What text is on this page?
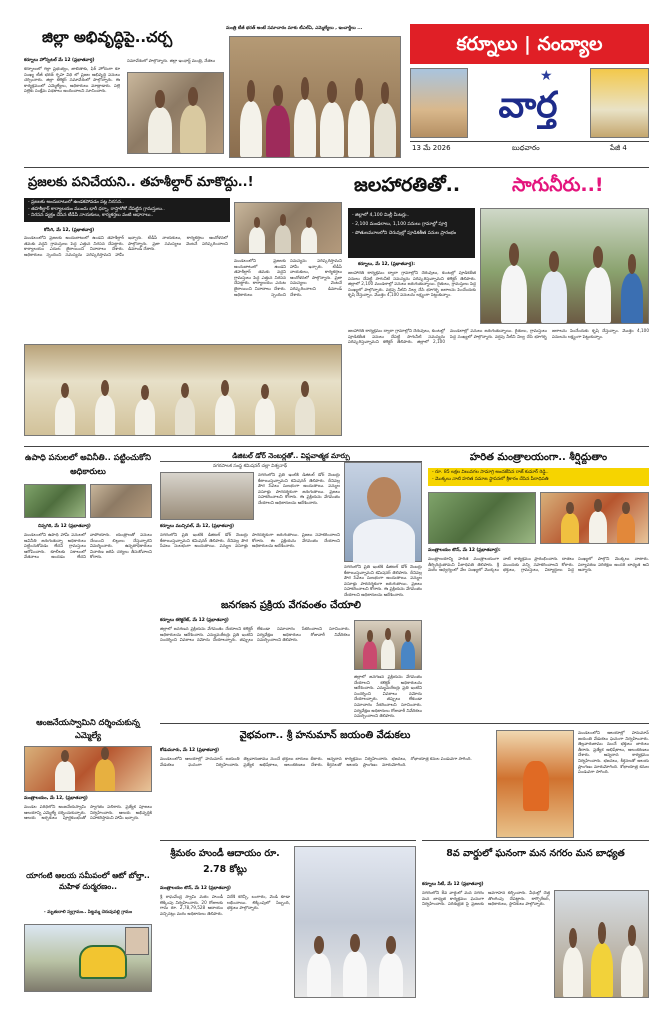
మంత్రి టీజీ భరత్ అంటే సమాచారం మాకు టీఎల్ఏ, ఎమ్మెల్యేలు , ఇంచార్జీలు ...
జిల్లా అభివృద్ధిపై..చర్చ
కర్నూలు హోస్పటల్ మే 12 (ప్రభాతవార్త)
కర్నూలులో గల్లా ప్రభుత్వం, జాబితాకు, ఫిర్ హోదంగా కూ సంఖ్య టీజీ భరత్ గృహ విధి లో ప్రజల అభివృద్ధి పనులు చర్చించారు. జిల్లా కలెక్టర్ సమావేశంలో పాల్గొన్నారు. ఈ కార్యక్రమంలో ఎమ్మెల్యేలు, అధికారులు మాట్లాడారు. పల్లె పల్లెకు సంక్షేమ పథకాలు అందించాలని సూచించారు.
సమావేశంలో పాల్గొన్నారు. జిల్లా ఇంఛార్జ్ మంత్రి, నేతలు
కర్నూలు | నంద్యాల
★
వార్త
13 మే 2026	బుధవారం	పేజీ 4
ప్రజలకు పనిచేయని.. తహశీల్దార్ మాకొద్దు..!
- ప్రజలకు అందుబాటులో ఉండకపోవడం పట్ల నిరసన..
- తహశీల్దార్ కార్యాలయం ముందు భారీ ధర్నా, రాస్తారోకో చేపట్టిన గ్రామస్తులు..
- నిరసన వ్యక్తం చేసిన టీడీపీ నాయకులు, కార్యకర్తలు వంటి ఆధారాలు..
కోసిగి, మే 12, (ప్రభాతవార్త)
మండలంలోని ప్రజలకు అందుబాటులో ఉండని తహశీల్దార్ తమకు వద్దని గ్రామస్తులు పెద్ద ఎత్తున నిరసన చేపట్టారు. కార్యాలయం ఎదుట బైఠాయించి నినాదాలు చేశారు. అధికారులు స్పందించి సమస్యను పరిష్కరిస్తామని హామీ ఇచ్చారు. టీడీపీ నాయకులు, కార్యకర్తలు ఆందోళనలో పాల్గొన్నారు. ప్రజా సమస్యలు వెంటనే పరిష్కరించాలని డిమాండ్ చేశారు.
మండలంలోని ప్రజలకు అందుబాటులో ఉండని తహశీల్దార్ తమకు వద్దని గ్రామస్తులు పెద్ద ఎత్తున నిరసన చేపట్టారు. కార్యాలయం ఎదుట బైఠాయించి నినాదాలు చేశారు. అధికారులు స్పందించి సమస్యను పరిష్కరిస్తామని హామీ ఇచ్చారు. టీడీపీ నాయకులు, కార్యకర్తలు ఆందోళనలో పాల్గొన్నారు. ప్రజా సమస్యలు వెంటనే పరిష్కరించాలని డిమాండ్ చేశారు.
జలహారతితో..	సాగునీరు..!
- జిల్లాలో 4,100 మిల్లీ మీటర్లు..
- 2,100 మండలాలు, 1,100 పనులు గ్రామాల్లో పూర్తి
- పోతులమూలలోని చెరువుల్లో పూడికతీత పనుల ప్రారంభం
కర్నూలు, మే 12, (ప్రభాతవార్త):
జలహారతి కార్యక్రమం ద్వారా గ్రామాల్లోని చెరువులు, కుంటల్లో పూడికతీత పనులు చేపట్టి సాగునీటి సమస్యను పరిష్కరిస్తున్నామని కలెక్టర్ తెలిపారు. జిల్లాలో 2,100 మండలాల్లో పనులు జరుగుతున్నాయి. రైతులు, గ్రామస్తులు పెద్ద సంఖ్యలో పాల్గొన్నారు. వర్షపు నీటిని నిల్వ చేసి భూగర్భ జలాలను పెంచేందుకు కృషి చేస్తున్నాం. మొత్తం 4,100 పనులను లక్ష్యంగా పెట్టుకున్నాం.
జలహారతి కార్యక్రమం ద్వారా గ్రామాల్లోని చెరువులు, కుంటల్లో పూడికతీత పనులు చేపట్టి సాగునీటి సమస్యను పరిష్కరిస్తున్నామని కలెక్టర్ తెలిపారు. జిల్లాలో 2,100 మండలాల్లో పనులు జరుగుతున్నాయి. రైతులు, గ్రామస్తులు పెద్ద సంఖ్యలో పాల్గొన్నారు. వర్షపు నీటిని నిల్వ చేసి భూగర్భ జలాలను పెంచేందుకు కృషి చేస్తున్నాం. మొత్తం 4,100 పనులను లక్ష్యంగా పెట్టుకున్నాం.
ఉపాధి పనులలో అవినీతి.. పట్టించుకోని అధికారులు
చిప్పగిరి, మే 12 (ప్రభాతవార్త)
మండలంలోని ఉపాధి హామీ పనులలో అవినీతి జరుగుతున్నా అధికారులు పట్టించుకోవడం లేదని గ్రామస్తులు ఆరోపించారు. కూలీలకు సకాలంలో వేతనాలు అందడం లేదని వాపోయారు. యంత్రాలతో పనులు చేయించి బిల్లులు చేస్తున్నారని విమర్శించారు. ఉన్నతాధికారులు విచారణ జరిపి చర్యలు తీసుకోవాలని కోరారు.
డిజిటల్ డోర్ నెంబర్లతో.. విప్లవాత్మక మార్పు
నగరపాలక సంస్థ కమిషనర్ చల్లా విశ్వనాథ్
నగరంలోని ప్రతి ఇంటికి డిజిటల్ డోర్ నెంబర్లు కేటాయిస్తున్నామని కమిషనర్ తెలిపారు. దీనివల్ల పౌర సేవలు సులభంగా అందుతాయి. పన్నుల వసూళ్లు పారదర్శకంగా జరుగుతాయి. ప్రజలు సహకరించాలని కోరారు. ఈ ప్రక్రియను వేగవంతం చేయాలని అధికారులను ఆదేశించారు.
కర్నూలు మున్సిపల్, మే 12, (ప్రభాతవార్త)
నగరంలోని ప్రతి ఇంటికి డిజిటల్ డోర్ నెంబర్లు కేటాయిస్తున్నామని కమిషనర్ తెలిపారు. దీనివల్ల పౌర సేవలు సులభంగా అందుతాయి. పన్నుల వసూళ్లు పారదర్శకంగా జరుగుతాయి. ప్రజలు సహకరించాలని కోరారు. ఈ ప్రక్రియను వేగవంతం చేయాలని అధికారులను ఆదేశించారు.
నగరంలోని ప్రతి ఇంటికి డిజిటల్ డోర్ నెంబర్లు కేటాయిస్తున్నామని కమిషనర్ తెలిపారు. దీనివల్ల పౌర సేవలు సులభంగా అందుతాయి. పన్నుల వసూళ్లు పారదర్శకంగా జరుగుతాయి. ప్రజలు సహకరించాలని కోరారు. ఈ ప్రక్రియను వేగవంతం చేయాలని అధికారులను ఆదేశించారు.
జనగణన ప్రక్రియ వేగవంతం చేయాలి
కర్నూలు కలెక్టరేట్, మే 12 (ప్రభాతవార్త)
జిల్లాలో జనగణన ప్రక్రియను వేగవంతం చేయాలని కలెక్టర్ అధికారులను ఆదేశించారు. ఎన్యుమరేటర్లు ప్రతి ఇంటిని సందర్శించి వివరాలు నమోదు చేయాలన్నారు. తప్పులు లేకుండా సమాచారం సేకరించాలని సూచించారు. పర్యవేక్షణ అధికారులు రోజువారీ నివేదికలు సమర్పించాలని తెలిపారు.
జిల్లాలో జనగణన ప్రక్రియను వేగవంతం చేయాలని కలెక్టర్ అధికారులను ఆదేశించారు. ఎన్యుమరేటర్లు ప్రతి ఇంటిని సందర్శించి వివరాలు నమోదు చేయాలన్నారు. తప్పులు లేకుండా సమాచారం సేకరించాలని సూచించారు. పర్యవేక్షణ అధికారులు రోజువారీ నివేదికలు సమర్పించాలని తెలిపారు.
హరిత మంత్రాలయంగా.. శీర్షిద్దుతాం
- రూ. 85 లక్షల విలువగల సామాగ్రి అందజేసిన రాజ్ కుమార్ రెడ్డి..
- మొక్కలు నాటి హరిత సమాజ స్థాపనలో శ్రీకారం చేసిన పీఠాధిపతి
మంత్రాలయం టౌన్, మే 12 (ప్రభాతవార్త):
మంత్రాలయాన్ని హరిత మంత్రాలయంగా తీర్చిదిద్దుతామని పీఠాధిపతి తెలిపారు. శ్రీ మఠం ఆధ్వర్యంలో వేల సంఖ్యలో మొక్కలు నాటే కార్యక్రమం ప్రారంభించారు. దాతలు ముందుకు వచ్చి సహకరించాలని కోరారు. భక్తులు, గ్రామస్తులు, విద్యార్థులు పెద్ద సంఖ్యలో పాల్గొని మొక్కలు నాటారు. పర్యావరణ పరిరక్షణ అందరి బాధ్యత అని అన్నారు.
ఆంజనేయస్వామిని దర్శించుకున్న ఎమ్మెల్యే
మంత్రాలయం, మే 12, (ప్రభాతవార్త)
మండల పరిధిలోని ఆంజనేయస్వామి ఆలయాన్ని ఎమ్మెల్యే దర్శించుకున్నారు. ఆలయ అర్చకులు పూర్ణకుంభంతో స్వాగతం పలికారు. ప్రత్యేక పూజలు నిర్వహించారు. ఆలయ అభివృద్ధికి సహకరిస్తామని హామీ ఇచ్చారు.
వైభవంగా.. శ్రీ హనుమాన్ జయంతి వేడుకలు
కోడుమూరు, మే 12 (ప్రభాతవార్త)
మండలంలోని ఆలయాల్లో హనుమాన్ జయంతి వేడుకలు ఘనంగా నిర్వహించారు. తెల్లవారుజాము నుంచే భక్తులు బారులు తీరారు. ప్రత్యేక అభిషేకాలు, అలంకరణలు చేశారు. అన్నదాన కార్యక్రమం నిర్వహించారు. భజనలు, కీర్తనలతో ఆలయ ప్రాంగణం మారుమోగింది. శోభాయాత్ర కనుల పండువగా సాగింది.
మండలంలోని ఆలయాల్లో హనుమాన్ జయంతి వేడుకలు ఘనంగా నిర్వహించారు. తెల్లవారుజాము నుంచే భక్తులు బారులు తీరారు. ప్రత్యేక అభిషేకాలు, అలంకరణలు చేశారు. అన్నదాన కార్యక్రమం నిర్వహించారు. భజనలు, కీర్తనలతో ఆలయ ప్రాంగణం మారుమోగింది. శోభాయాత్ర కనుల పండువగా సాగింది.
యాగంటి ఆలయ సమీపంలో ఆటో బోల్తా.. మహిళ దుర్మరణం..
- మృతురాలి స్వగ్రామం.. పిట్టమ్మ చెరువుపల్లి గ్రామం
శ్రీమఠం హుండీ ఆదాయం రూ. 2.78 కోట్లు
మంత్రాలయం టౌన్, మే 12 (ప్రభాతవార్త)
శ్రీ రాఘవేంద్ర స్వామి మఠం హుండీ లెక్కింపు నిర్వహించారు. 20 రోజులకు గాను రూ. 2,78,79,528 ఆదాయం వచ్చినట్లు మఠం అధికారులు తెలిపారు. విదేశీ కరెన్సీ, బంగారం, వెండి కూడా లభించాయి. లెక్కింపులో సిబ్బంది, భక్తులు పాల్గొన్నారు.
8వ వార్డులో ఘనంగా మన నగరం మన బాధ్యత
కర్నూలు సిటీ, మే 12 (ప్రభాతవార్త)
నగరంలోని 8వ వార్డులో మన నగరం మన బాధ్యత కార్యక్రమం ఘనంగా నిర్వహించారు. పరిశుభ్రత పై ప్రజలకు అవగాహన కల్పించారు. వీధుల్లో చెత్త తొలగింపు చేపట్టారు. కార్పొరేటర్, అధికారులు, స్థానికులు పాల్గొన్నారు.
